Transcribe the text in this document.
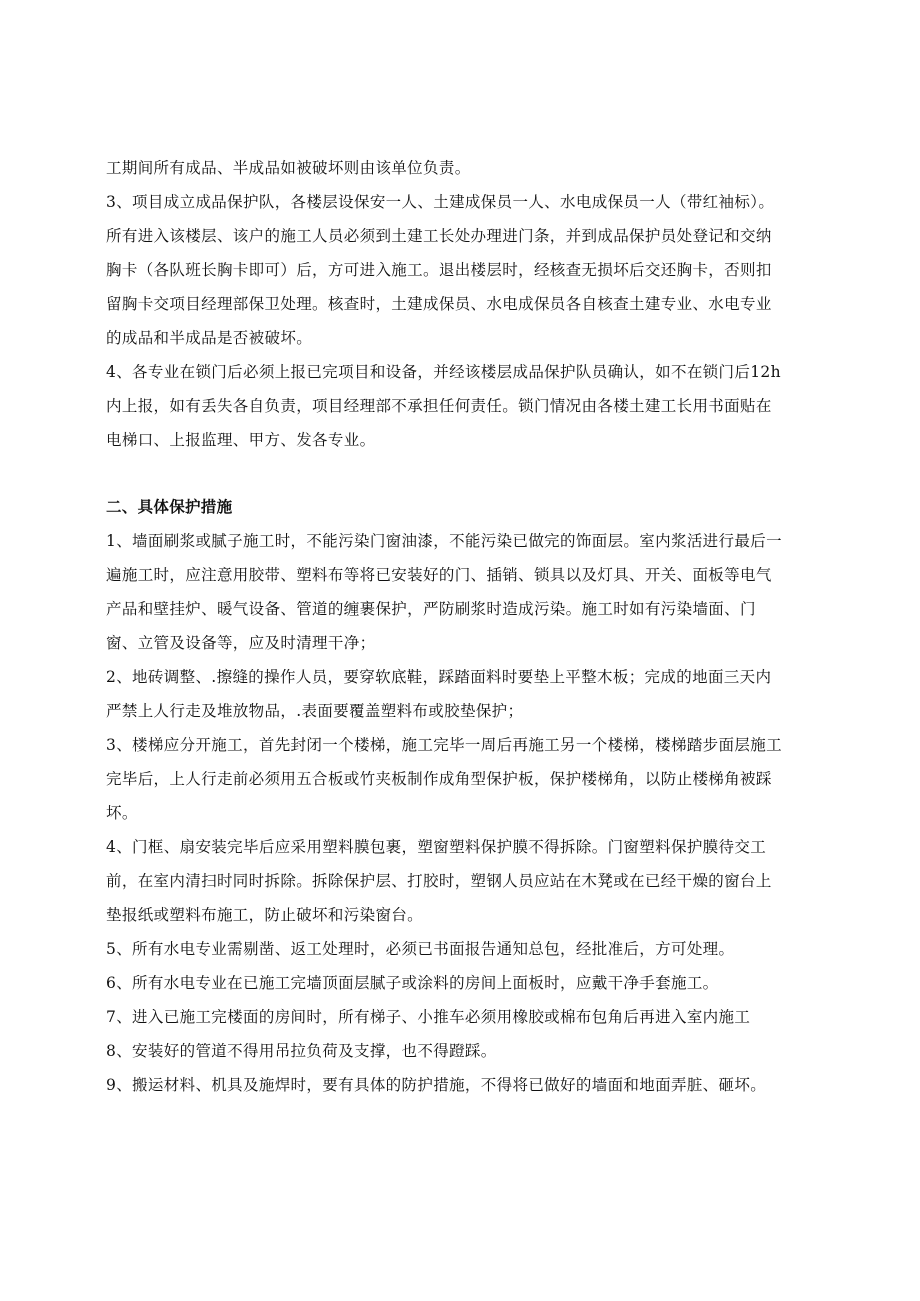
工期间所有成品、半成品如被破坏则由该单位负责。
3、项目成立成品保护队，各楼层设保安一人、土建成保员一人、水电成保员一人（带红袖标）。
所有进入该楼层、该户的施工人员必须到土建工长处办理进门条，并到成品保护员处登记和交纳
胸卡（各队班长胸卡即可）后，方可进入施工。退出楼层时，经核查无损坏后交还胸卡，否则扣
留胸卡交项目经理部保卫处理。核查时，土建成保员、水电成保员各自核查土建专业、水电专业
的成品和半成品是否被破坏。
4、各专业在锁门后必须上报已完项目和设备，并经该楼层成品保护队员确认，如不在锁门后12h
内上报，如有丢失各自负责，项目经理部不承担任何责任。锁门情况由各楼土建工长用书面贴在
电梯口、上报监理、甲方、发各专业。
二、具体保护措施
1、墙面刷浆或腻子施工时，不能污染门窗油漆，不能污染已做完的饰面层。室内浆活进行最后一
遍施工时，应注意用胶带、塑料布等将已安装好的门、插销、锁具以及灯具、开关、面板等电气
产品和壁挂炉、暖气设备、管道的缠裹保护，严防刷浆时造成污染。施工时如有污染墙面、门
窗、立管及设备等，应及时清理干净；
2、地砖调整、.擦缝的操作人员，要穿软底鞋，踩踏面料时要垫上平整木板；完成的地面三天内
严禁上人行走及堆放物品，.表面要覆盖塑料布或胶垫保护；
3、楼梯应分开施工，首先封闭一个楼梯，施工完毕一周后再施工另一个楼梯，楼梯踏步面层施工
完毕后，上人行走前必须用五合板或竹夹板制作成角型保护板，保护楼梯角，以防止楼梯角被踩
坏。
4、门框、扇安装完毕后应采用塑料膜包裹，塑窗塑料保护膜不得拆除。门窗塑料保护膜待交工
前，在室内清扫时同时拆除。拆除保护层、打胶时，塑钢人员应站在木凳或在已经干燥的窗台上
垫报纸或塑料布施工，防止破坏和污染窗台。
5、所有水电专业需剔凿、返工处理时，必须已书面报告通知总包，经批准后，方可处理。
6、所有水电专业在已施工完墙顶面层腻子或涂料的房间上面板时，应戴干净手套施工。
7、进入已施工完楼面的房间时，所有梯子、小推车必须用橡胶或棉布包角后再进入室内施工
8、安装好的管道不得用吊拉负荷及支撑，也不得蹬踩。
9、搬运材料、机具及施焊时，要有具体的防护措施，不得将已做好的墙面和地面弄脏、砸坏。
